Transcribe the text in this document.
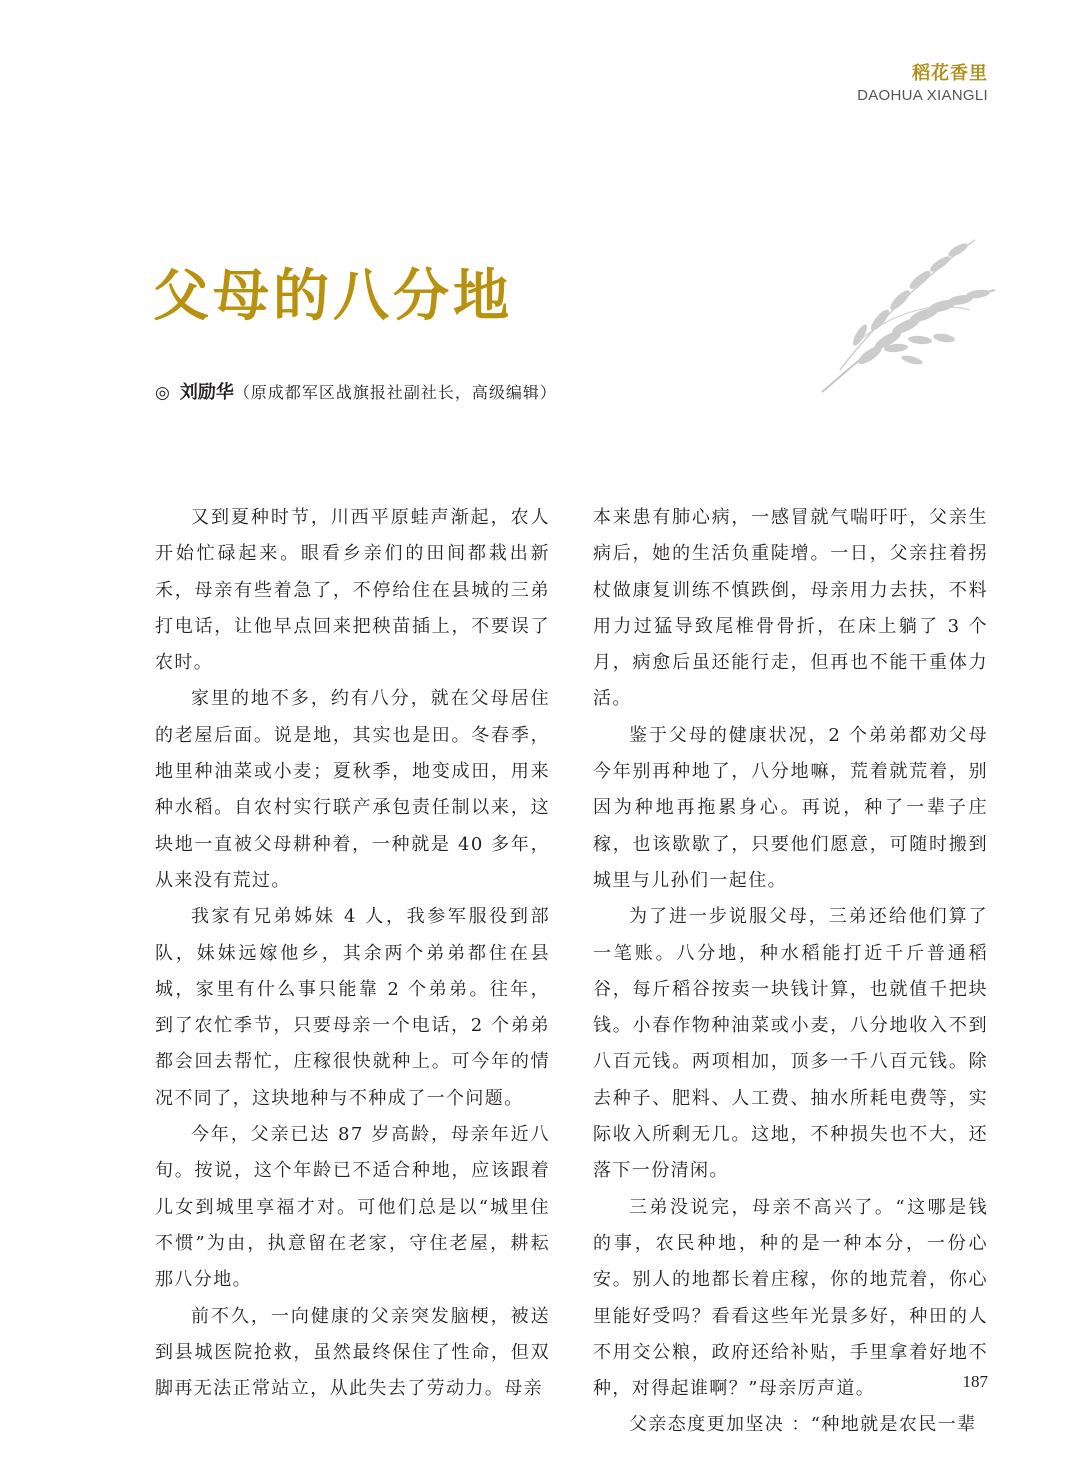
稻花香里
DAOHUA XIANGLI
父母的八分地
◎ 刘励华（原成都军区战旗报社副社长，高级编辑）

又到夏种时节，川西平原蛙声渐起，农人开始忙碌起来。眼看乡亲们的田间都栽出新禾，母亲有些着急了，不停给住在县城的三弟打电话，让他早点回来把秧苗插上，不要误了农时。

家里的地不多，约有八分，就在父母居住的老屋后面。说是地，其实也是田。冬春季，地里种油菜或小麦；夏秋季，地变成田，用来种水稻。自农村实行联产承包责任制以来，这块地一直被父母耕种着，一种就是 40 多年，从来没有荒过。

我家有兄弟姊妹 4 人，我参军服役到部队，妹妹远嫁他乡，其余两个弟弟都住在县城，家里有什么事只能靠 2 个弟弟。往年，到了农忙季节，只要母亲一个电话，2 个弟弟都会回去帮忙，庄稼很快就种上。可今年的情况不同了，这块地种与不种成了一个问题。

今年，父亲已达 87 岁高龄，母亲年近八旬。按说，这个年龄已不适合种地，应该跟着儿女到城里享福才对。可他们总是以“城里住不惯”为由，执意留在老家，守住老屋，耕耘那八分地。

前不久，一向健康的父亲突发脑梗，被送到县城医院抢救，虽然最终保住了性命，但双脚再无法正常站立，从此失去了劳动力。母亲

本来患有肺心病，一感冒就气喘吁吁，父亲生病后，她的生活负重陡增。一日，父亲拄着拐杖做康复训练不慎跌倒，母亲用力去扶，不料用力过猛导致尾椎骨骨折，在床上躺了 3 个月，病愈后虽还能行走，但再也不能干重体力活。

鉴于父母的健康状况，2 个弟弟都劝父母今年别再种地了，八分地嘛，荒着就荒着，别因为种地再拖累身心。再说，种了一辈子庄稼，也该歇歇了，只要他们愿意，可随时搬到城里与儿孙们一起住。

为了进一步说服父母，三弟还给他们算了一笔账。八分地，种水稻能打近千斤普通稻谷，每斤稻谷按卖一块钱计算，也就值千把块钱。小春作物种油菜或小麦，八分地收入不到八百元钱。两项相加，顶多一千八百元钱。除去种子、肥料、人工费、抽水所耗电费等，实际收入所剩无几。这地，不种损失也不大，还落下一份清闲。

三弟没说完，母亲不高兴了。“这哪是钱的事，农民种地，种的是一种本分，一份心安。别人的地都长着庄稼，你的地荒着，你心里能好受吗？看看这些年光景多好，种田的人不用交公粮，政府还给补贴，手里拿着好地不种，对得起谁啊？”母亲厉声道。

父亲态度更加坚决 ：“种地就是农民一辈

187
